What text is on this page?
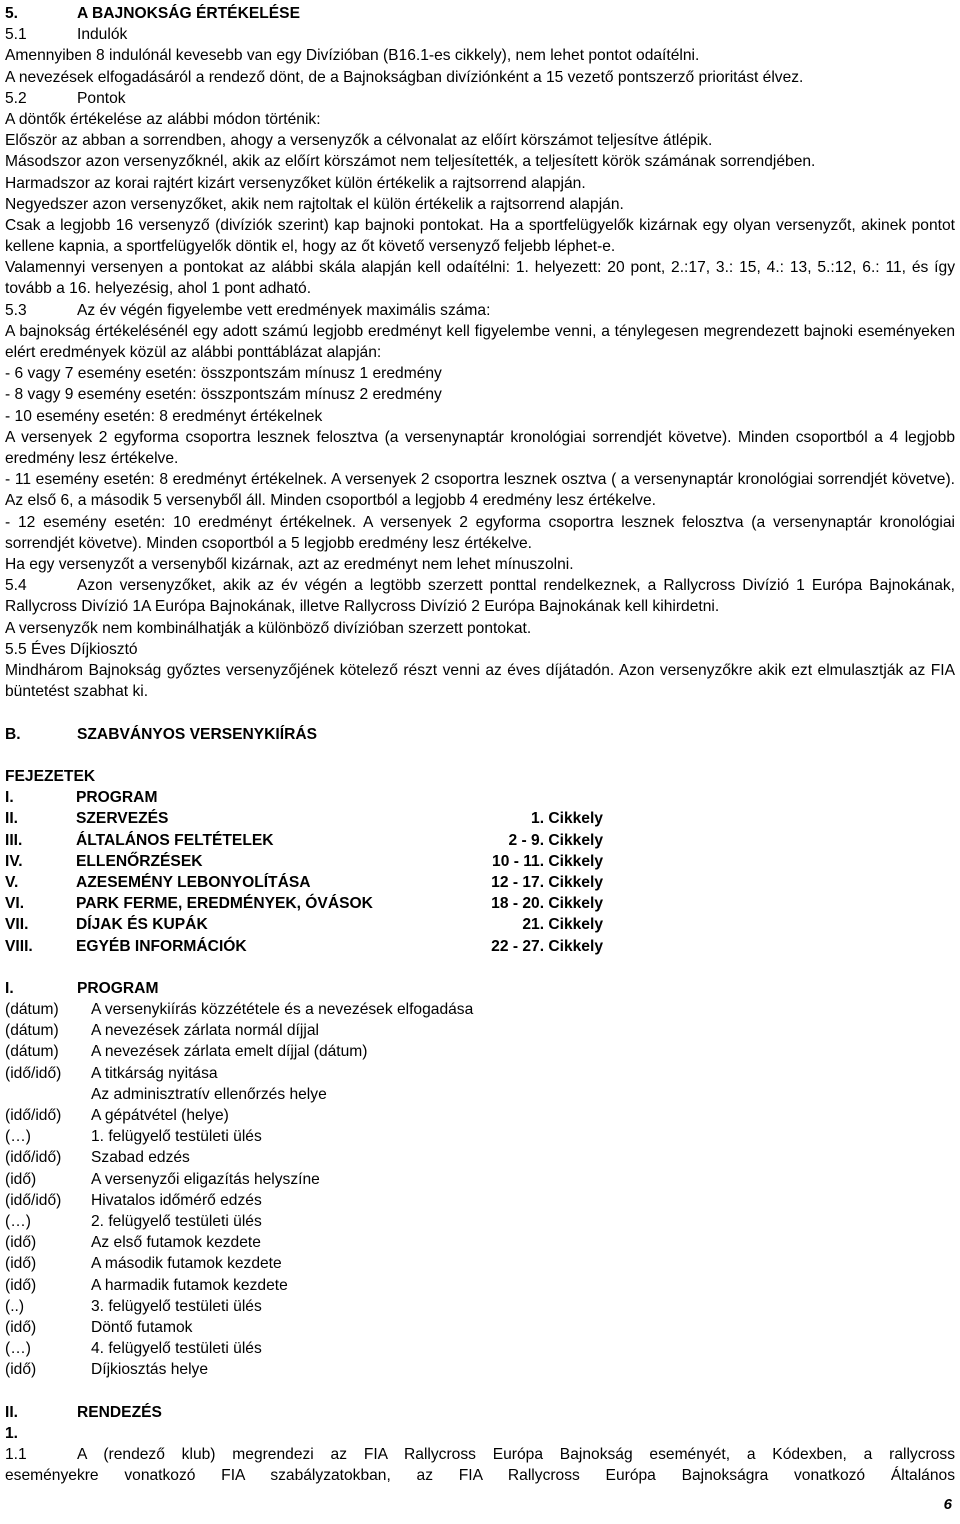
5.	A BAJNOKSÁG ÉRTÉKELÉSE
5.1	Indulók
Amennyiben 8 indulónál kevesebb van egy Divízióban (B16.1-es cikkely), nem lehet pontot odaítélni.
A nevezések elfogadásáról a rendező dönt, de a Bajnokságban divíziónként a 15 vezető pontszerző prioritást élvez.
5.2	Pontok
A döntők értékelése az alábbi módon történik:
Először az abban a sorrendben, ahogy a versenyzők a célvonalat az előírt körszámot teljesítve átlépik.
Másodszor azon versenyzőknél, akik az előírt körszámot nem teljesítették, a teljesített körök számának sorrendjében.
Harmadszor az korai rajtért kizárt versenyzőket külön értékelik a rajtsorrend alapján.
Negyedszer azon versenyzőket, akik nem rajtoltak el külön értékelik a rajtsorrend alapján.
Csak a legjobb 16 versenyző (divíziók szerint) kap bajnoki pontokat. Ha a sportfelügyelők kizárnak egy olyan versenyzőt, akinek pontot kellene kapnia, a sportfelügyelők döntik el, hogy az őt követő versenyző feljebb léphet-e.
Valamennyi versenyen a pontokat az alábbi skála alapján kell odaítélni: 1. helyezett: 20 pont, 2.:17, 3.: 15, 4.: 13, 5.:12, 6.: 11, és így tovább a 16. helyezésig, ahol 1 pont adható.
5.3	Az év végén figyelembe vett eredmények maximális száma:
A bajnokság értékelésénél egy adott számú legjobb eredményt kell figyelembe venni, a ténylegesen megrendezett bajnoki eseményeken elért eredmények közül az alábbi ponttáblázat alapján:
- 6 vagy 7 esemény esetén: összpontszám mínusz 1 eredmény
- 8 vagy 9 esemény esetén: összpontszám mínusz 2 eredmény
- 10 esemény esetén: 8 eredményt értékelnek
A versenyek 2 egyforma csoportra lesznek felosztva (a versenynaptár kronológiai sorrendjét követve). Minden csoportból a 4 legjobb eredmény lesz értékelve.
- 11 esemény esetén: 8 eredményt értékelnek. A versenyek 2 csoportra lesznek osztva ( a versenynaptár kronológiai sorrendjét követve). Az első 6, a második 5 versenyből áll. Minden csoportból a legjobb 4 eredmény lesz értékelve.
- 12 esemény esetén: 10 eredményt értékelnek. A versenyek 2 egyforma csoportra lesznek felosztva (a versenynaptár kronológiai sorrendjét követve). Minden csoportból a 5 legjobb eredmény lesz értékelve.
Ha egy versenyzőt a versenyből kizárnak, azt az eredményt nem lehet mínuszolni.
5.4	Azon versenyzőket, akik az év végén a legtöbb szerzett ponttal rendelkeznek, a Rallycross Divízió 1 Európa Bajnokának, Rallycross Divízió 1A Európa Bajnokának, illetve Rallycross Divízió 2 Európa Bajnokának kell kihirdetni.
A versenyzők nem kombinálhatják a különböző divízióban szerzett pontokat.
5.5 Éves Díjkiosztó
Mindhárom Bajnokság győztes versenyzőjének kötelező részt venni az éves díjátadón. Azon versenyzőkre akik ezt elmulasztják az FIA büntetést szabhat ki.
B.	SZABVÁNYOS VERSENYKIÍRÁS
FEJEZETEK
I.	PROGRAM
II.	SZERVEZÉS	1. Cikkely
III.	ÁLTALÁNOS FELTÉTELEK	2 - 9. Cikkely
IV.	ELLENŐRZÉSEK	10 - 11. Cikkely
V.	AZESEMÉNY LEBONYOLÍTÁSA	12 - 17. Cikkely
VI.	PARK FERME, EREDMÉNYEK, ÓVÁSOK	18 - 20. Cikkely
VII.	DÍJAK ÉS KUPÁK	21. Cikkely
VIII.	EGYÉB INFORMÁCIÓK	22 - 27. Cikkely
I.	PROGRAM
(dátum) A versenykiírás közzététele és a nevezések elfogadása
(dátum) A nevezések zárlata normál díjjal
(dátum) A nevezések zárlata emelt díjjal (dátum)
(idő/idő) A titkárság nyitása
Az adminisztratív ellenőrzés helye
(idő/idő) A gépátvétel (helye)
(…)	1. felügyelő testületi ülés
(idő/idő) Szabad edzés
(idő)	A versenyzői eligazítás helyszíne
(idő/idő) Hivatalos időmérő edzés
(…)	2. felügyelő testületi ülés
(idő)	Az első futamok kezdete
(idő)	A második futamok kezdete
(idő)	A harmadik futamok kezdete
(..)	3. felügyelő testületi ülés
(idő)	Döntő futamok
(…)	4. felügyelő testületi ülés
(idő)	Díjkiosztás helye
II.	RENDEZÉS
1.
1.1	A (rendező klub) megrendezi az FIA Rallycross Európa Bajnokság eseményét, a Kódexben, a rallycross
eseményekre vonatkozó FIA szabályzatokban, az FIA Rallycross Európa Bajnokságra vonatkozó Általános
6
